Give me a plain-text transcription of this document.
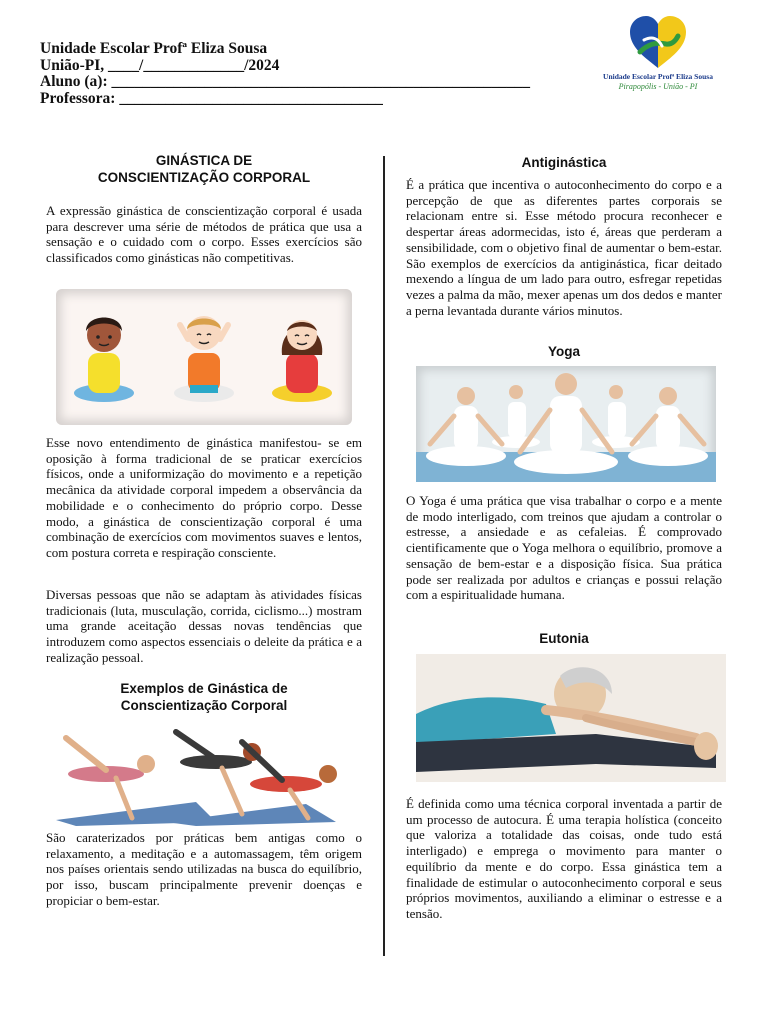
Unidade Escolar Profª Eliza Sousa
União-PI, ____/_____________/2024
Aluno (a): ______________________________________________________
Professora: __________________________________
Unidade Escolar Profª Eliza Sousa
Pirapopólis - União - PI
GINÁSTICA DE
CONSCIENTIZAÇÃO CORPORAL

A expressão ginástica de conscientização corporal é usada para descrever uma série de métodos de prática que usa a sensação e o cuidado com o corpo. Esses exercícios são classificados como ginásticas não competitivas.

Esse novo entendimento de ginástica manifestou- se em oposição à forma tradicional de se praticar exercícios físicos, onde a uniformização do movimento e a repetição mecânica da atividade corporal impedem a observância da mobilidade e o conhecimento do próprio corpo. Desse modo, a ginástica de conscientização corporal é uma combinação de exercícios com movimentos suaves e lentos, com postura correta e respiração consciente.

Diversas pessoas que não se adaptam às atividades físicas tradicionais (luta, musculação, corrida, ciclismo...) mostram uma grande aceitação dessas novas tendências que introduzem como aspectos essenciais o deleite da prática e a realização pessoal.

Exemplos de Ginástica de
Conscientização Corporal

São caraterizados por práticas bem antigas como o relaxamento, a meditação e a automassagem, têm origem nos países orientais sendo utilizadas na busca do equilíbrio, por isso, buscam principalmente prevenir doenças e propiciar o bem-estar.

Antiginástica

É a prática que incentiva o autoconhecimento do corpo e a percepção de que as diferentes partes corporais se relacionam entre si. Esse método procura reconhecer e despertar áreas adormecidas, isto é, áreas que perderam a sensibilidade, com o objetivo final de aumentar o bem-estar. São exemplos de exercícios da antiginástica, ficar deitado mexendo a língua de um lado para outro, esfregar repetidas vezes a palma da mão, mexer apenas um dos dedos e manter a perna levantada durante vários minutos.

Yoga

O Yoga é uma prática que visa trabalhar o corpo e a mente de modo interligado, com treinos que ajudam a controlar o estresse, a ansiedade e as cefaleias. É comprovado cientificamente que o Yoga melhora o equilíbrio, promove a sensação de bem-estar e a disposição física. Sua prática pode ser realizada por adultos e crianças e possui relação com a espiritualidade humana.

Eutonia

É definida como uma técnica corporal inventada a partir de um processo de autocura. É uma terapia holística (conceito que valoriza a totalidade das coisas, onde tudo está interligado) e emprega o movimento para manter o equilíbrio da mente e do corpo. Essa ginástica tem a finalidade de estimular o autoconhecimento corporal e seus próprios movimentos, auxiliando a eliminar o estresse e a tensão.
